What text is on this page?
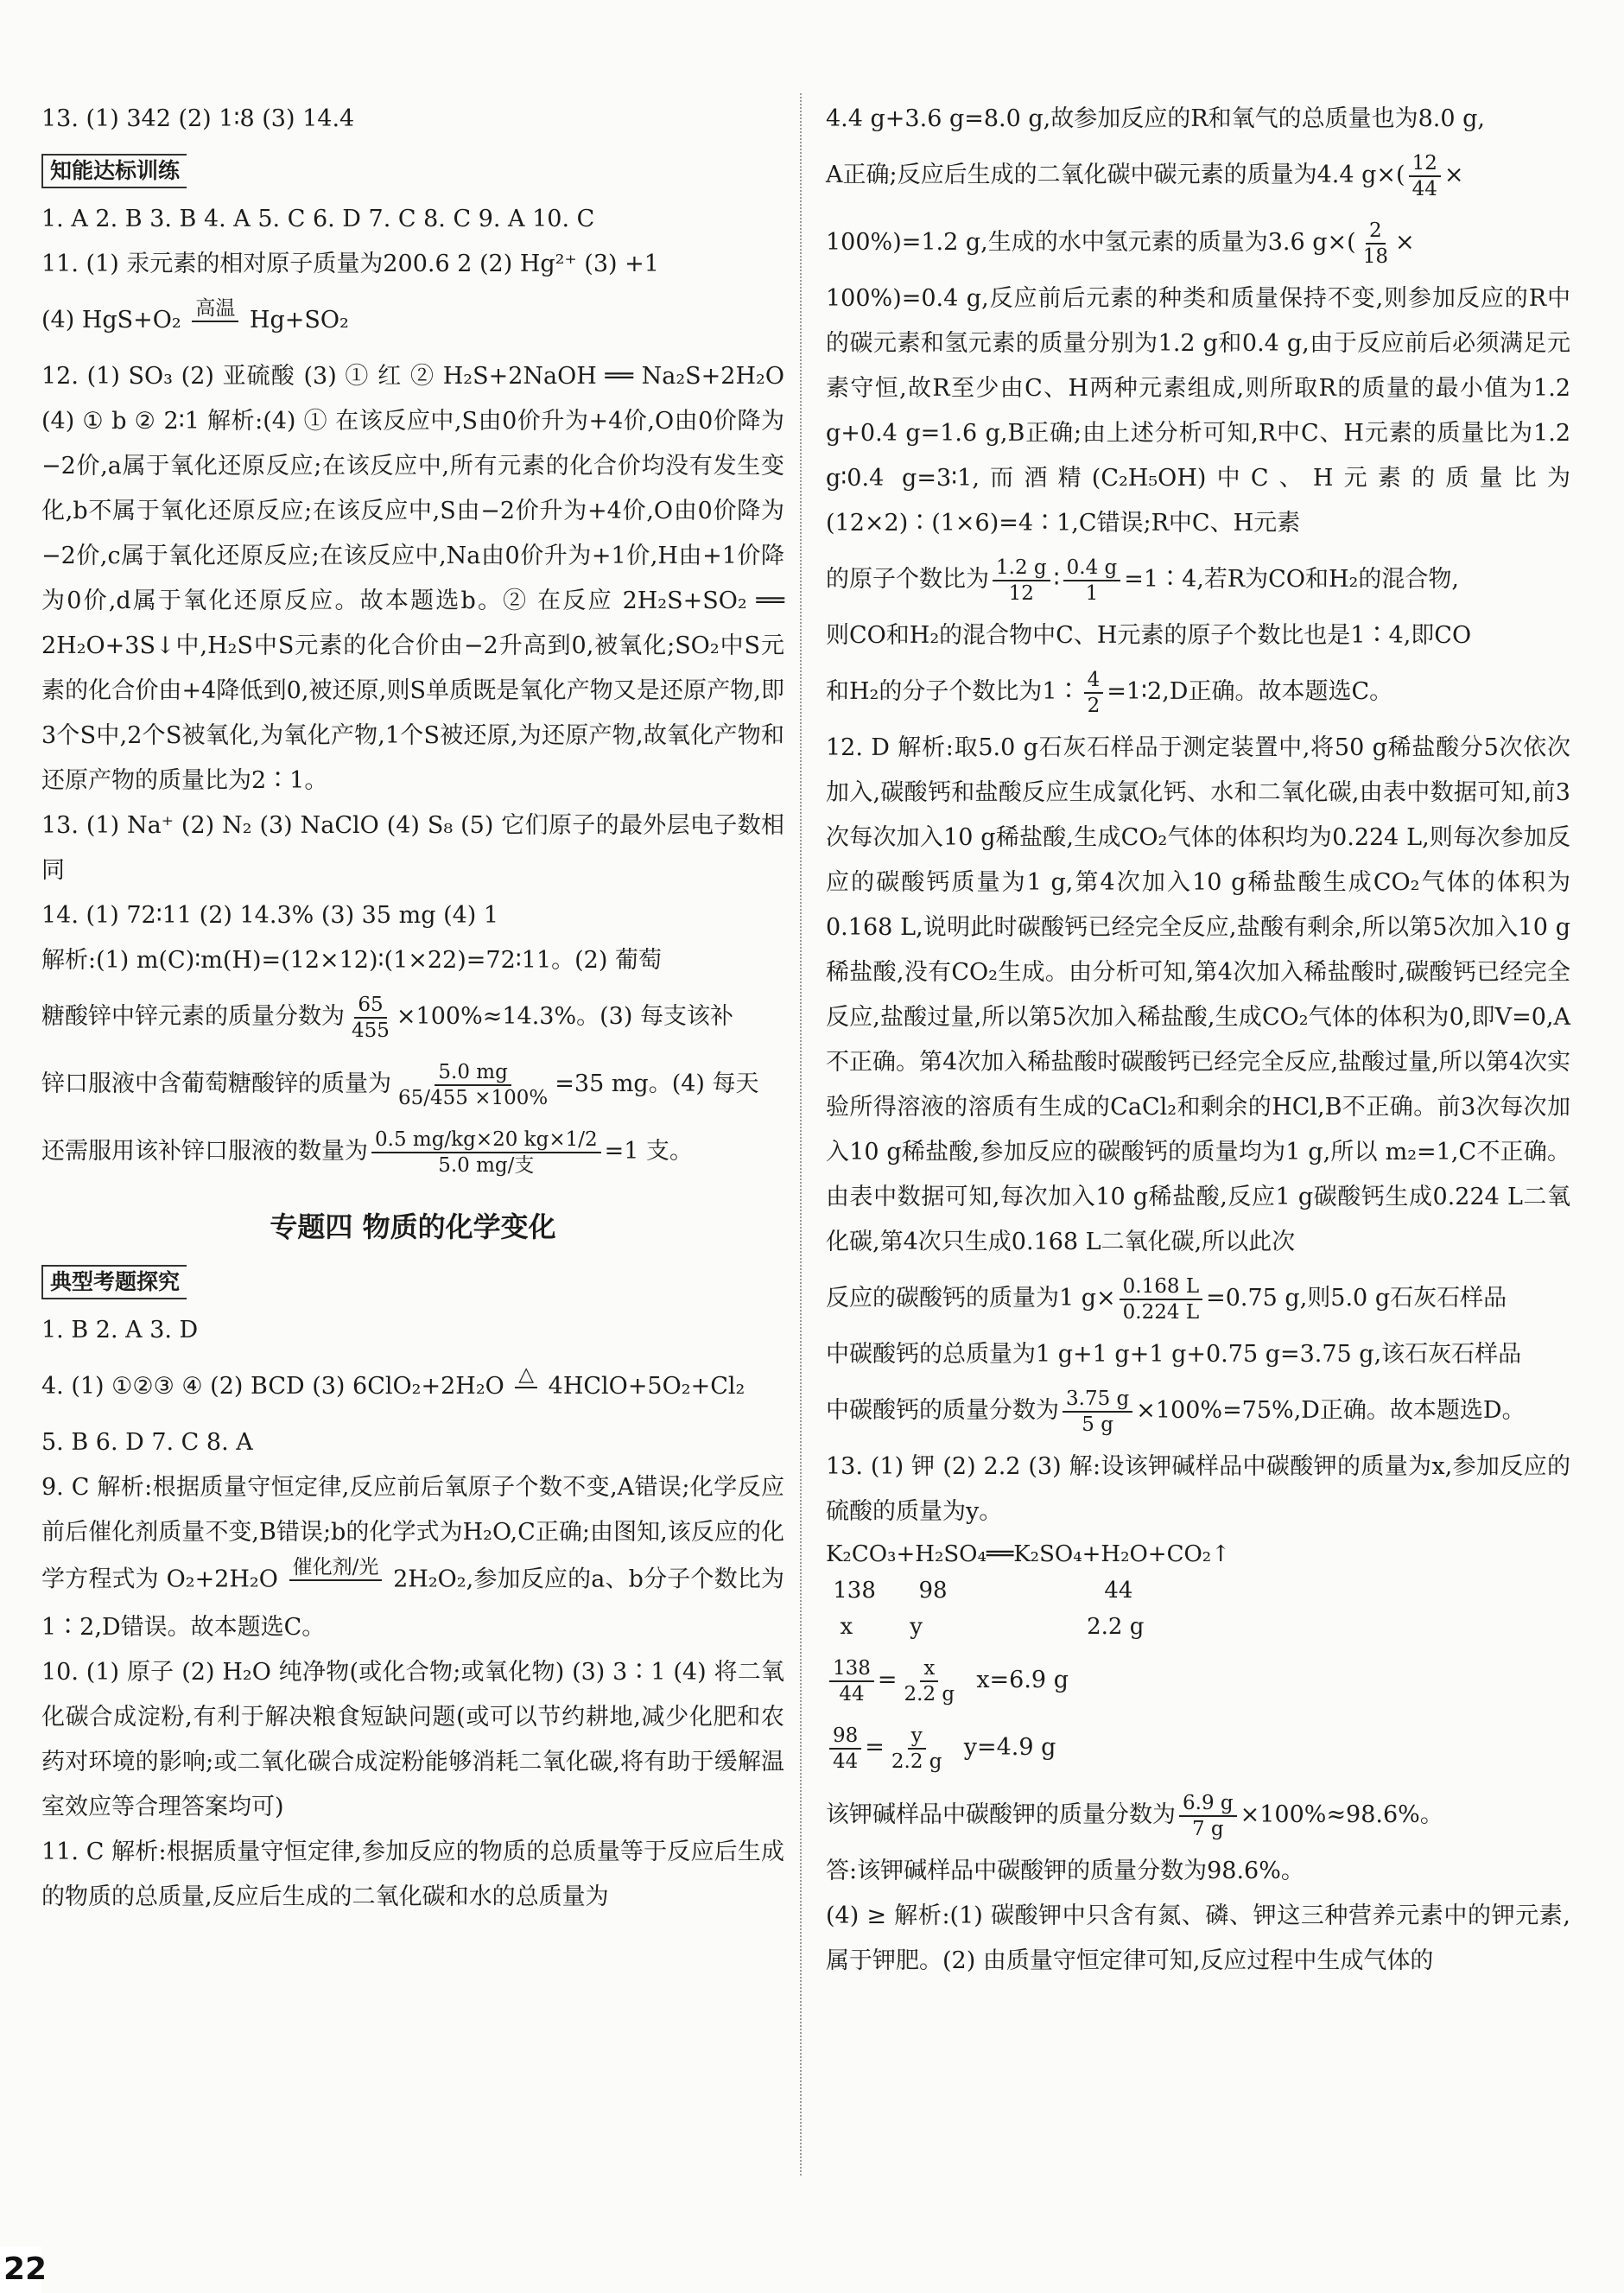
13. (1) 342 (2) 1∶8 (3) 14.4

知能达标训练

1. A 2. B 3. B 4. A 5. C 6. D 7. C 8. C 9. A 10. C

11. (1) 汞元素的相对原子质量为200.6 2 (2) Hg²⁺ (3) +1

(4) HgS+O₂ 高温 Hg+SO₂

12. (1) SO₃ (2) 亚硫酸 (3) ① 红 ② H₂S+2NaOH ══ Na₂S+2H₂O (4) ① b ② 2∶1 解析:(4) ① 在该反应中,S由0价升为+4价,O由0价降为−2价,a属于氧化还原反应;在该反应中,所有元素的化合价均没有发生变化,b不属于氧化还原反应;在该反应中,S由−2价升为+4价,O由0价降为−2价,c属于氧化还原反应;在该反应中,Na由0价升为+1价,H由+1价降为0价,d属于氧化还原反应。故本题选b。② 在反应 2H₂S+SO₂ ══ 2H₂O+3S↓中,H₂S中S元素的化合价由−2升高到0,被氧化;SO₂中S元素的化合价由+4降低到0,被还原,则S单质既是氧化产物又是还原产物,即3个S中,2个S被氧化,为氧化产物,1个S被还原,为还原产物,故氧化产物和还原产物的质量比为2∶1。

13. (1) Na⁺ (2) N₂ (3) NaClO (4) S₈ (5) 它们原子的最外层电子数相同

14. (1) 72∶11 (2) 14.3% (3) 35 mg (4) 1

解析:(1) m(C)∶m(H)=(12×12)∶(1×22)=72∶11。(2) 葡萄

糖酸锌中锌元素的质量分数为 $\frac{65}{455} \times 100\%\approx 14.3\%$。(3) 每支该补

锌口服液中含葡萄糖酸锌的质量为 $\frac{5.0 mg}{65/455 \times 100\%} =35$ mg。(4) 每天

还需服用该补锌口服液的数量为 $\frac{0.5 mg/kg\times 20 kg\times 1/2}{\text{5.0 mg/支}} =1$ 支。

专题四 物质的化学变化
典型考题探究

1. B 2. A 3. D

4. (1) ①②③ ④ (2) BCD (3) 6ClO₂+2H₂O △ 4HClO+5O₂+Cl₂

5. B 6. D 7. C 8. A

9. C 解析:根据质量守恒定律,反应前后氧原子个数不变,A错误;化学反应前后催化剂质量不变,B错误;b的化学式为H₂O,C正确;由图知,该反应的化学方程式为 O₂+2H₂O 催化剂/光 2H₂O₂,参加反应的a、b分子个数比为1∶2,D错误。故本题选C。

10. (1) 原子 (2) H₂O 纯净物(或化合物;或氧化物) (3) 3∶1 (4) 将二氧化碳合成淀粉,有利于解决粮食短缺问题(或可以节约耕地,减少化肥和农药对环境的影响;或二氧化碳合成淀粉能够消耗二氧化碳,将有助于缓解温室效应等合理答案均可)

11. C 解析:根据质量守恒定律,参加反应的物质的总质量等于反应后生成的物质的总质量,反应后生成的二氧化碳和水的总质量为

4.4 g+3.6 g=8.0 g,故参加反应的R和氧气的总质量也为8.0 g,

A正确;反应后生成的二氧化碳中碳元素的质量为4.4 $g\times( \frac{12}{44}$ ×

100%)=1.2 g,生成的水中氢元素的质量为3.6 $g\times( \frac{2}{18}$ ×

100%)=0.4 g,反应前后元素的种类和质量保持不变,则参加反应的R中的碳元素和氢元素的质量分别为1.2 g和0.4 g,由于反应前后必须满足元素守恒,故R至少由C、H两种元素组成,则所取R的质量的最小值为1.2 g+0.4 g=1.6 g,B正确;由上述分析可知,R中C、H元素的质量比为1.2 g∶0.4 g=3∶1,而酒精(C₂H₅OH)中C、H元素的质量比为(12×2)∶(1×6)=4∶1,C错误;R中C、H元素

的原子个数比为 $\frac{1.2 g}{12}$ ∶ $\frac{0.4 g}{1}$ =1∶4,若R为CO和H₂的混合物,

则CO和H₂的混合物中C、H元素的原子个数比也是1∶4,即CO

和H₂的分子个数比为1∶ $\frac{4}{2}$ =1∶2,D正确。故本题选C。

12. D 解析:取5.0 g石灰石样品于测定装置中,将50 g稀盐酸分5次依次加入,碳酸钙和盐酸反应生成氯化钙、水和二氧化碳,由表中数据可知,前3次每次加入10 g稀盐酸,生成CO₂气体的体积均为0.224 L,则每次参加反应的碳酸钙质量为1 g,第4次加入10 g稀盐酸生成CO₂气体的体积为0.168 L,说明此时碳酸钙已经完全反应,盐酸有剩余,所以第5次加入10 g稀盐酸,没有CO₂生成。由分析可知,第4次加入稀盐酸时,碳酸钙已经完全反应,盐酸过量,所以第5次加入稀盐酸,生成CO₂气体的体积为0,即V=0,A不正确。第4次加入稀盐酸时碳酸钙已经完全反应,盐酸过量,所以第4次实验所得溶液的溶质有生成的CaCl₂和剩余的HCl,B不正确。前3次每次加入10 g稀盐酸,参加反应的碳酸钙的质量均为1 g,所以 m₂=1,C不正确。由表中数据可知,每次加入10 g稀盐酸,反应1 g碳酸钙生成0.224 L二氧化碳,第4次只生成0.168 L二氧化碳,所以此次

反应的碳酸钙的质量为1 $g\times \frac{0.168 L}{0.224 L} =0.75$ g,则5.0 g石灰石样品

中碳酸钙的总质量为1 g+1 g+1 g+0.75 g=3.75 g,该石灰石样品

中碳酸钙的质量分数为 $\frac{3.75 g}{5 g} \times 100\%=75\%,D$正确。故本题选D。

13. (1) 钾 (2) 2.2 (3) 解:设该钾碱样品中碳酸钾的质量为x,参加反应的硫酸的质量为y。

K₂CO₃+H₂SO₄══K₂SO₄+H₂O+CO₂↑
138      98                      44
x        y                       2.2 g

$\frac{138}{44} = \frac{x}{2.2 g} x=6.9$ g

$\frac{98}{44} = \frac{y}{2.2 g} y=4.9$ g

该钾碱样品中碳酸钾的质量分数为 $\frac{6.9 g}{7 g} \times 100\%\approx 98.6\%$。

答:该钾碱样品中碳酸钾的质量分数为98.6%。

(4) ≥ 解析:(1) 碳酸钾中只含有氮、磷、钾这三种营养元素中的钾元素,属于钾肥。(2) 由质量守恒定律可知,反应过程中生成气体的

22
